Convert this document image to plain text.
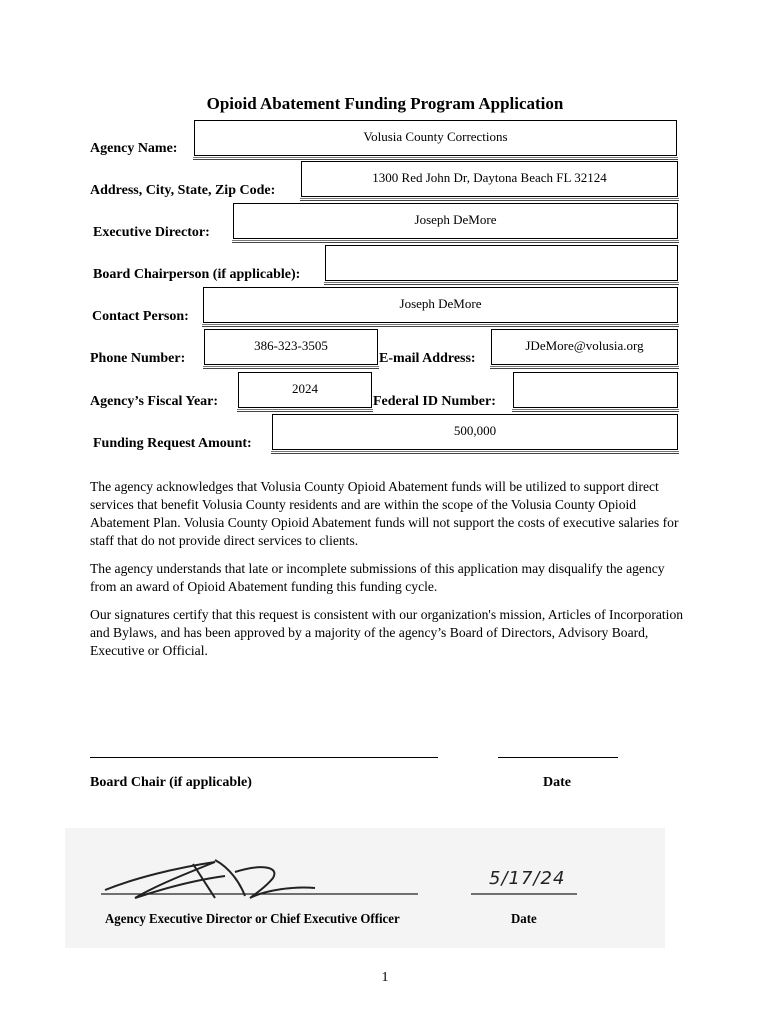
Opioid Abatement Funding Program Application
Agency Name:
Volusia County Corrections
Address, City, State, Zip Code:
1300 Red John Dr, Daytona Beach FL 32124
Executive Director:
Joseph DeMore
Board Chairperson (if applicable):
Contact Person:
Joseph DeMore
Phone Number:
386-323-3505
E-mail Address:
JDeMore@volusia.org
Agency’s Fiscal Year:
2024
Federal ID Number:
Funding Request Amount:
500,000
The agency acknowledges that Volusia County Opioid Abatement funds will be utilized to support direct services that benefit Volusia County residents and are within the scope of the Volusia County Opioid Abatement Plan. Volusia County Opioid Abatement funds will not support the costs of executive salaries for staff that do not provide direct services to clients.
The agency understands that late or incomplete submissions of this application may disqualify the agency from an award of Opioid Abatement funding this funding cycle.
Our signatures certify that this request is consistent with our organization's mission, Articles of Incorporation and Bylaws, and has been approved by a majority of the agency’s Board of Directors, Advisory Board, Executive or Official.
Board Chair (if applicable)	Date
5/17/24
Agency Executive Director or Chief Executive Officer	Date
1
